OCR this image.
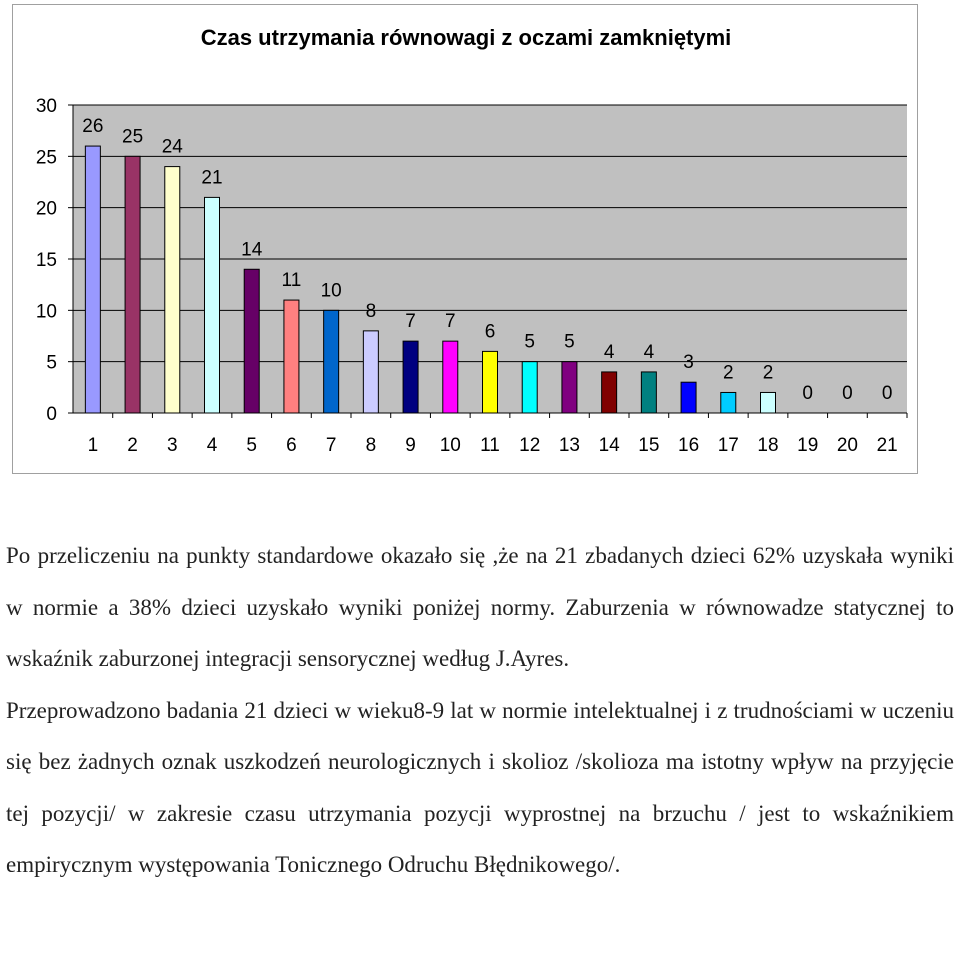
Czas utrzymania równowagi z oczami zamkniętymi
0
5
10
15
20
25
30
1 2 3 4 5 6 7 8 9 10 11 12 13 14 15 16 17 18 19 20 21
26 25 24
21
14
11 10
8 7 7 6 5 5 4 4 3 2 2
0 0 0

Po przeliczeniu na punkty standardowe okazało się ,że na 21 zbadanych dzieci 62% uzyskała wyniki w normie a 38% dzieci uzyskało wyniki poniżej normy. Zaburzenia w równowadze statycznej to wskaźnik zaburzonej integracji sensorycznej według J.Ayres.

Przeprowadzono badania 21 dzieci w wieku8-9 lat w normie intelektualnej i z trudnościami w uczeniu się bez żadnych oznak uszkodzeń neurologicznych i skolioz /skolioza ma istotny wpływ na przyjęcie tej pozycji/ w zakresie czasu utrzymania pozycji wyprostnej na brzuchu / jest to wskaźnikiem empirycznym występowania Tonicznego Odruchu Błędnikowego/.
